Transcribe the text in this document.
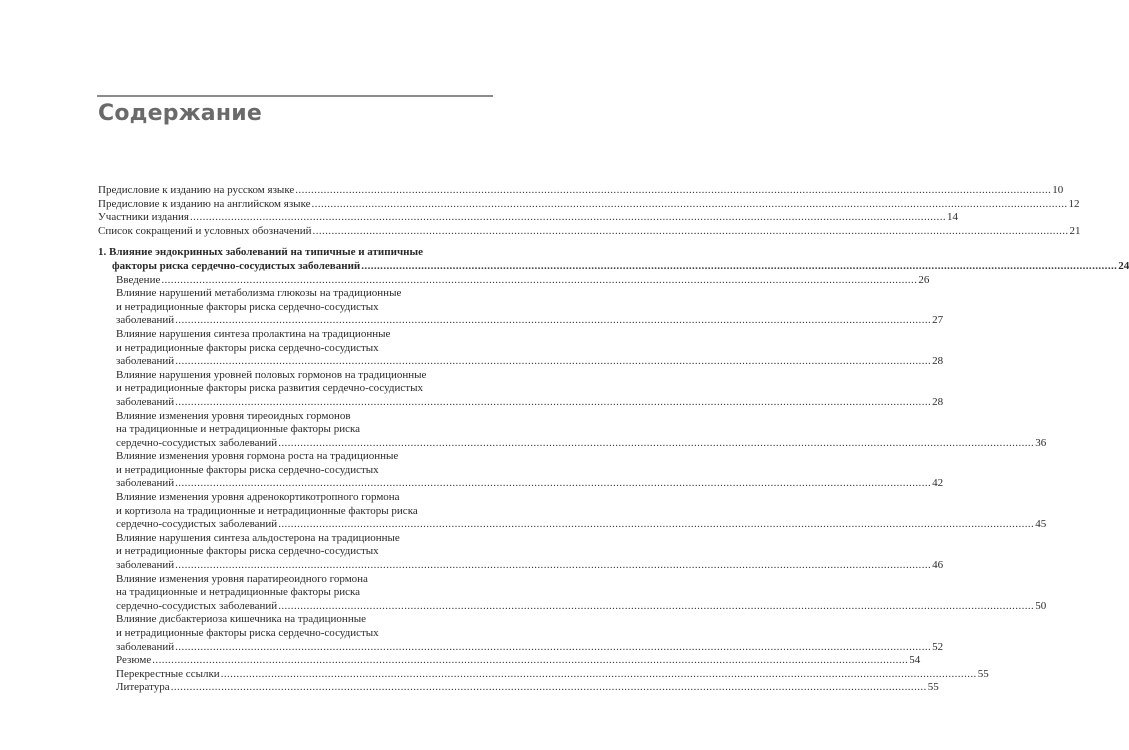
Содержание
Предисловие к изданию на русском языке .....	10
Предисловие к изданию на английском языке .....	12
Участники издания .....	14
Список сокращений и условных обозначений .....	21
1. Влияние эндокринных заболеваний на типичные и атипичные
факторы риска сердечно-сосудистых заболеваний .....	24
Введение .....	26
Влияние нарушений метаболизма глюкозы на традиционные
и нетрадиционные факторы риска сердечно-сосудистых
заболеваний .....	27
Влияние нарушения синтеза пролактина на традиционные
и нетрадиционные факторы риска сердечно-сосудистых
заболеваний .....	28
Влияние нарушения уровней половых гормонов на традиционные
и нетрадиционные факторы риска развития сердечно-сосудистых
заболеваний .....	28
Влияние изменения уровня тиреоидных гормонов
на традиционные и нетрадиционные факторы риска
сердечно-сосудистых заболеваний .....	36
Влияние изменения уровня гормона роста на традиционные
и нетрадиционные факторы риска сердечно-сосудистых
заболеваний .....	42
Влияние изменения уровня адренокортикотропного гормона
и кортизола на традиционные и нетрадиционные факторы риска
сердечно-сосудистых заболеваний .....	45
Влияние нарушения синтеза альдостерона на традиционные
и нетрадиционные факторы риска сердечно-сосудистых
заболеваний .....	46
Влияние изменения уровня паратиреоидного гормона
на традиционные и нетрадиционные факторы риска
сердечно-сосудистых заболеваний .....	50
Влияние дисбактериоза кишечника на традиционные
и нетрадиционные факторы риска сердечно-сосудистых
заболеваний .....	52
Резюме .....	54
Перекрестные ссылки .....	55
Литература .....	55
